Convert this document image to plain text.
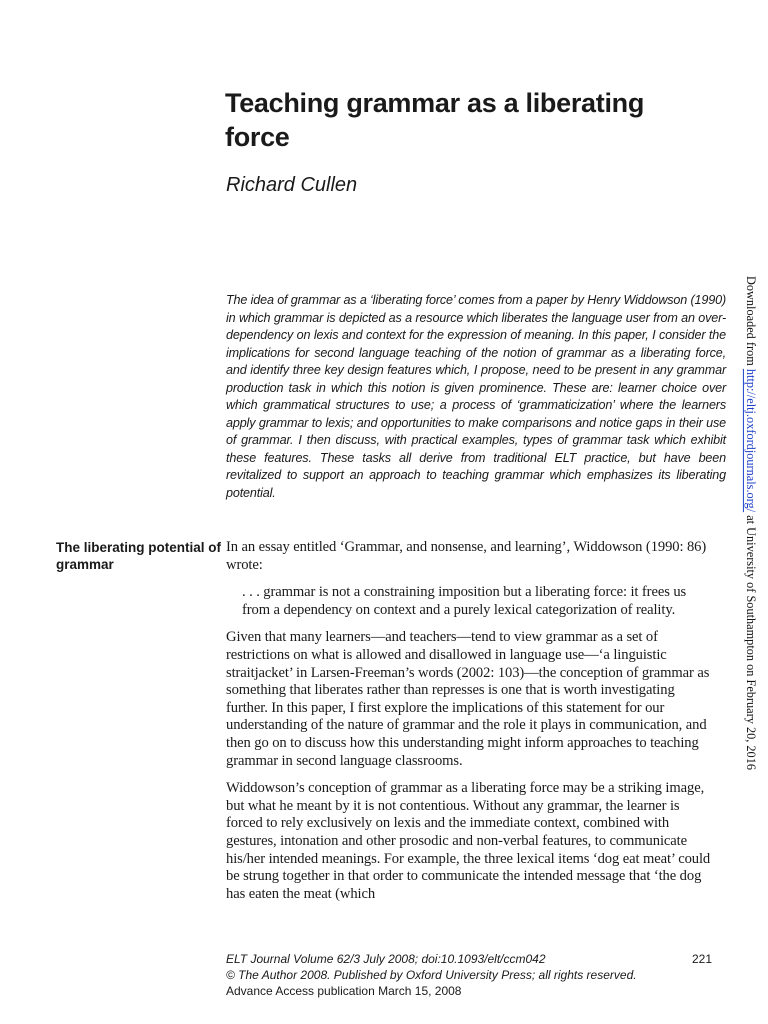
Teaching grammar as a liberating force

Richard Cullen

The idea of grammar as a ‘liberating force’ comes from a paper by Henry Widdowson (1990) in which grammar is depicted as a resource which liberates the language user from an over-dependency on lexis and context for the expression of meaning. In this paper, I consider the implications for second language teaching of the notion of grammar as a liberating force, and identify three key design features which, I propose, need to be present in any grammar production task in which this notion is given prominence. These are: learner choice over which grammatical structures to use; a process of ‘grammaticization’ where the learners apply grammar to lexis; and opportunities to make comparisons and notice gaps in their use of grammar. I then discuss, with practical examples, types of grammar task which exhibit these features. These tasks all derive from traditional ELT practice, but have been revitalized to support an approach to teaching grammar which emphasizes its liberating potential.

The liberating potential of grammar

In an essay entitled ‘Grammar, and nonsense, and learning’, Widdowson (1990: 86) wrote:

. . . grammar is not a constraining imposition but a liberating force: it frees us from a dependency on context and a purely lexical categorization of reality.

Given that many learners—and teachers—tend to view grammar as a set of restrictions on what is allowed and disallowed in language use—‘a linguistic straitjacket’ in Larsen-Freeman’s words (2002: 103)—the conception of grammar as something that liberates rather than represses is one that is worth investigating further. In this paper, I first explore the implications of this statement for our understanding of the nature of grammar and the role it plays in communication, and then go on to discuss how this understanding might inform approaches to teaching grammar in second language classrooms.

Widdowson’s conception of grammar as a liberating force may be a striking image, but what he meant by it is not contentious. Without any grammar, the learner is forced to rely exclusively on lexis and the immediate context, combined with gestures, intonation and other prosodic and non-verbal features, to communicate his/her intended meanings. For example, the three lexical items ‘dog eat meat’ could be strung together in that order to communicate the intended message that ‘the dog has eaten the meat (which

ELT Journal Volume 62/3 July 2008; doi:10.1093/elt/ccm042
© The Author 2008. Published by Oxford University Press; all rights reserved.
Advance Access publication March 15, 2008
221
Downloaded from http://eltj.oxfordjournals.org/ at University of Southampton on February 20, 2016
